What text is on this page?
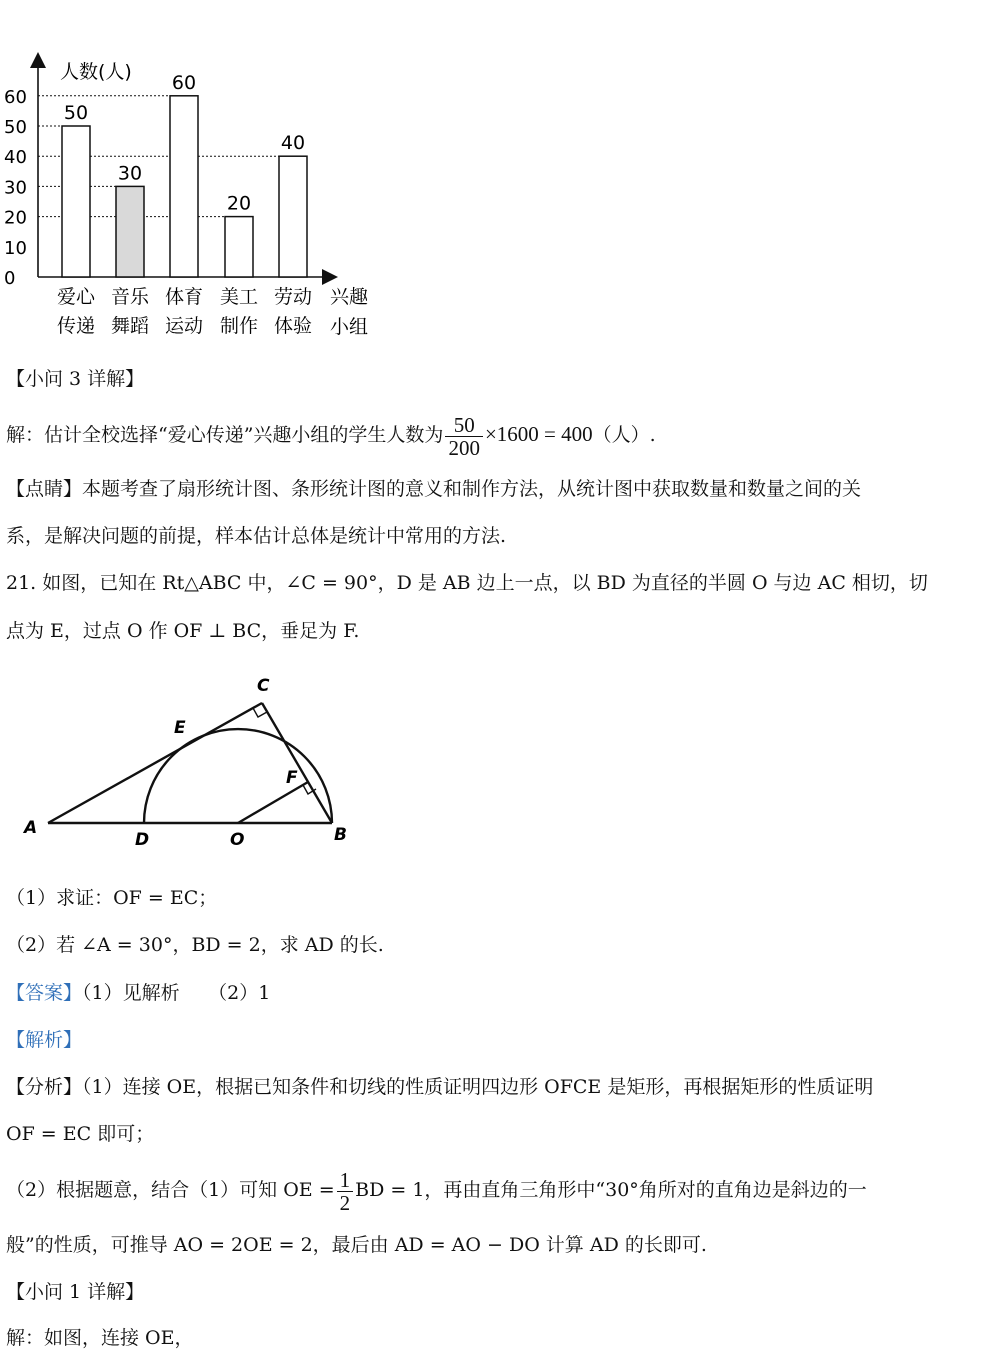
人数(人)
0
10
20
30
40
50
60
50
30
60
20
40
爱心
传递
音乐
舞蹈
体育
运动
美工
制作
劳动
体验
兴趣
小组
【小问 3 详解】
解：估计全校选择“爱心传递”兴趣小组的学生人数为 $\frac{50}{200} \times 1600 = 400$（人）.
【点睛】本题考查了扇形统计图、条形统计图的意义和制作方法，从统计图中获取数量和数量之间的关
系，是解决问题的前提，样本估计总体是统计中常用的方法.
21. 如图，已知在 Rt△ABC 中，∠C = 90°，D 是 AB 边上一点，以 BD 为直径的半圆 O 与边 AC 相切，切
点为 E，过点 O 作 OF ⊥ BC，垂足为 F.
A	B
C
D
E
F
O
（1）求证：OF = EC；
（2）若 ∠A = 30°，BD = 2，求 AD 的长.
【答案】（1）见解析　　（2）1
【解析】
【分析】（1）连接 OE，根据已知条件和切线的性质证明四边形 OFCE 是矩形，再根据矩形的性质证明
OF = EC 即可；
（2）根据题意，结合（1）可知 OE = $\frac{1}{2}$ BD = 1，再由直角三角形中“30°角所对的直角边是斜边的一
般”的性质，可推导 AO = 2OE = 2，最后由 AD = AO − DO 计算 AD 的长即可.
【小问 1 详解】
解：如图，连接 OE，
